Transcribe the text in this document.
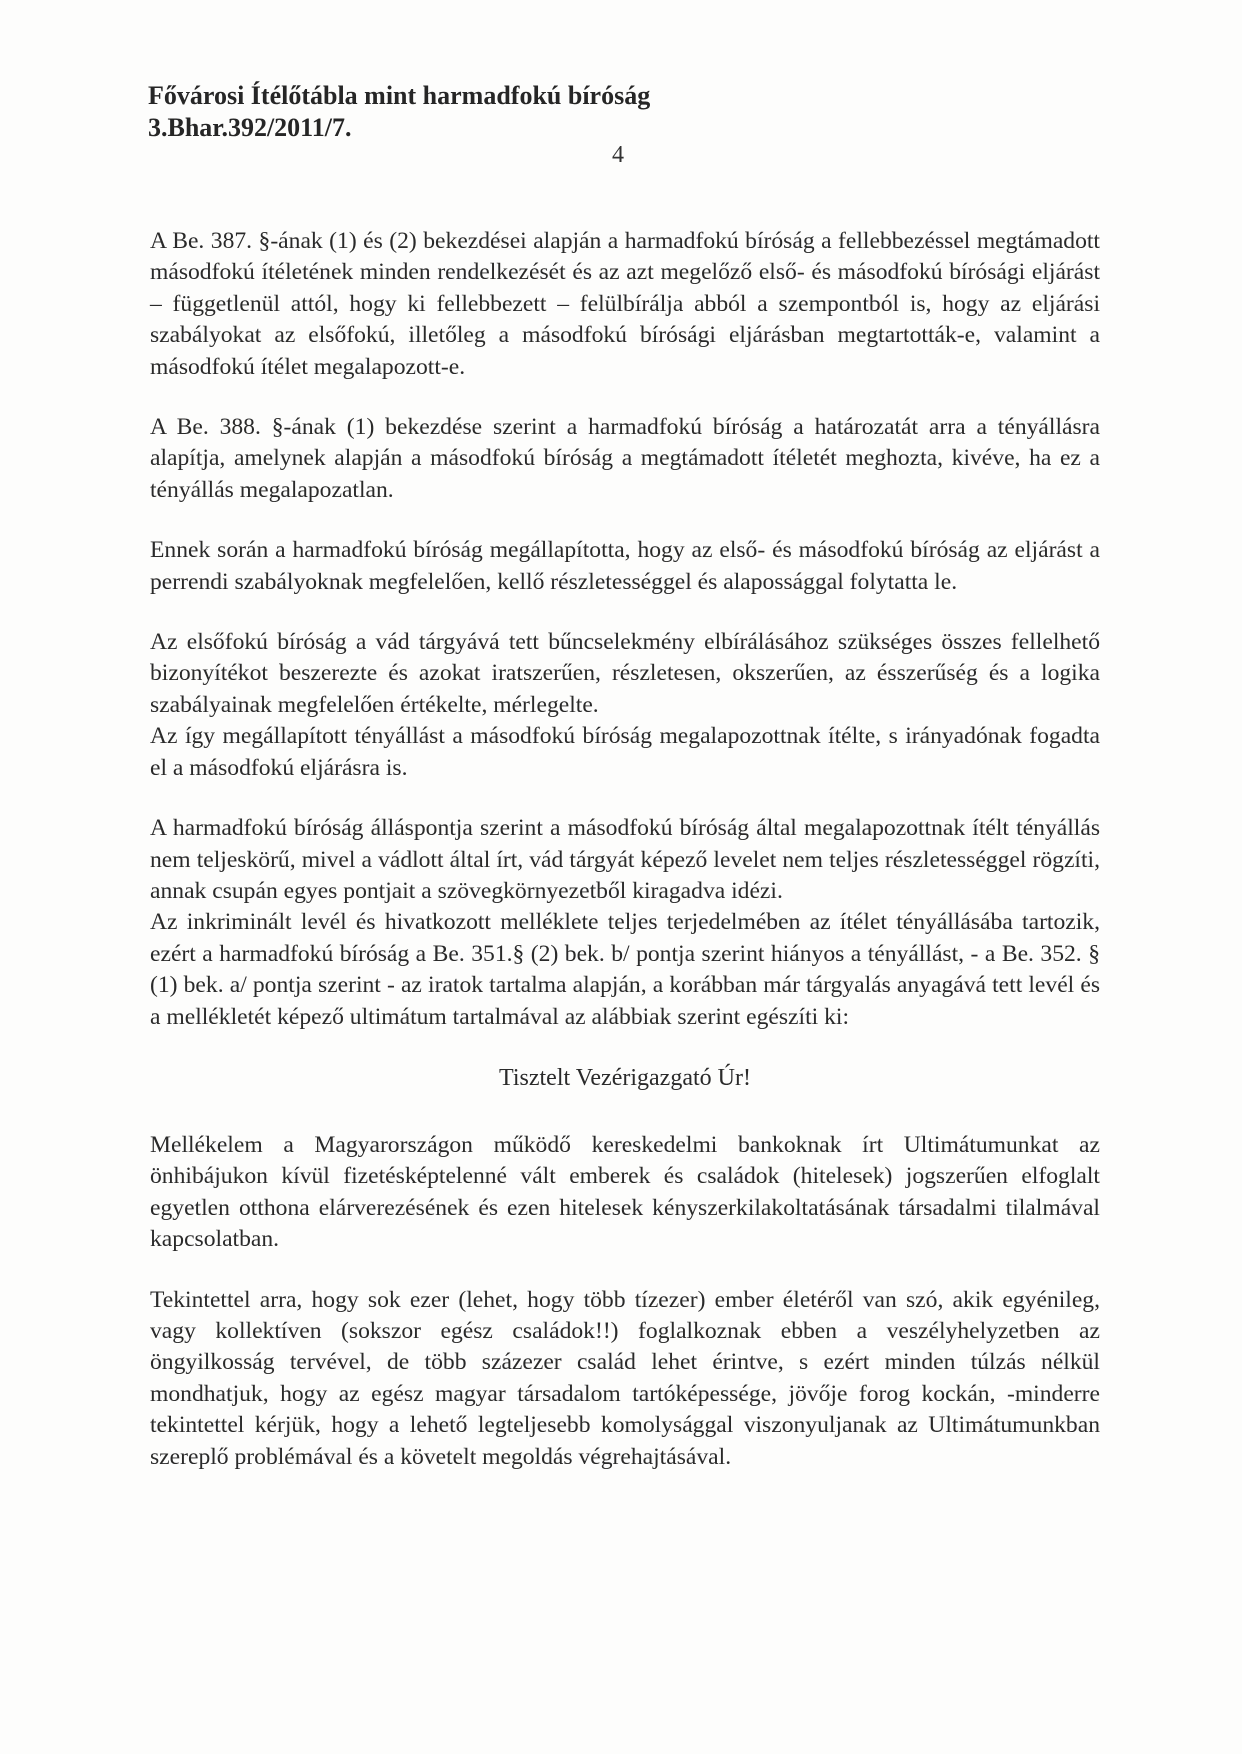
Fővárosi Ítélőtábla mint harmadfokú bíróság

3.Bhar.392/2011/7.

4

A Be. 387. §-ának (1) és (2) bekezdései alapján a harmadfokú bíróság a fellebbezéssel megtámadott másodfokú ítéletének minden rendelkezését és az azt megelőző első- és másodfokú bírósági eljárást – függetlenül attól, hogy ki fellebbezett – felülbírálja abból a szempontból is, hogy az eljárási szabályokat az elsőfokú, illetőleg a másodfokú bírósági eljárásban megtartották-e, valamint a másodfokú ítélet megalapozott-e.

A Be. 388. §-ának (1) bekezdése szerint a harmadfokú bíróság a határozatát arra a tényállásra alapítja, amelynek alapján a másodfokú bíróság a megtámadott ítéletét meghozta, kivéve, ha ez a tényállás megalapozatlan.

Ennek során a harmadfokú bíróság megállapította, hogy az első- és másodfokú bíróság az eljárást a perrendi szabályoknak megfelelően, kellő részletességgel és alapossággal folytatta le.

Az elsőfokú bíróság a vád tárgyává tett bűncselekmény elbírálásához szükséges összes fellelhető bizonyítékot beszerezte és azokat iratszerűen, részletesen, okszerűen, az ésszerűség és a logika szabályainak megfelelően értékelte, mérlegelte.

Az így megállapított tényállást a másodfokú bíróság megalapozottnak ítélte, s irányadónak fogadta el a másodfokú eljárásra is.

A harmadfokú bíróság álláspontja szerint a másodfokú bíróság által megalapozottnak ítélt tényállás nem teljeskörű, mivel a vádlott által írt, vád tárgyát képező levelet nem teljes részletességgel rögzíti, annak csupán egyes pontjait a szövegkörnyezetből kiragadva idézi.

Az inkriminált levél és hivatkozott melléklete teljes terjedelmében az ítélet tényállásába tartozik, ezért a harmadfokú bíróság a Be. 351.§ (2) bek. b/ pontja szerint hiányos a tényállást, - a Be. 352. § (1) bek. a/ pontja szerint - az iratok tartalma alapján, a korábban már tárgyalás anyagává tett levél és a mellékletét képező ultimátum tartalmával az alábbiak szerint egészíti ki:

Tisztelt Vezérigazgató Úr!

Mellékelem a Magyarországon működő kereskedelmi bankoknak írt Ultimátumunkat az önhibájukon kívül fizetésképtelenné vált emberek és családok (hitelesek) jogszerűen elfoglalt egyetlen otthona elárverezésének és ezen hitelesek kényszerkilakoltatásának társadalmi tilalmával kapcsolatban.

Tekintettel arra, hogy sok ezer (lehet, hogy több tízezer) ember életéről van szó, akik egyénileg, vagy kollektíven (sokszor egész családok!!) foglalkoznak ebben a veszélyhelyzetben az öngyilkosság tervével, de több százezer család lehet érintve, s ezért minden túlzás nélkül mondhatjuk, hogy az egész magyar társadalom tartóképessége, jövője forog kockán, -minderre tekintettel kérjük, hogy a lehető legteljesebb komolysággal viszonyuljanak az Ultimátumunkban szereplő problémával és a követelt megoldás végrehajtásával.
